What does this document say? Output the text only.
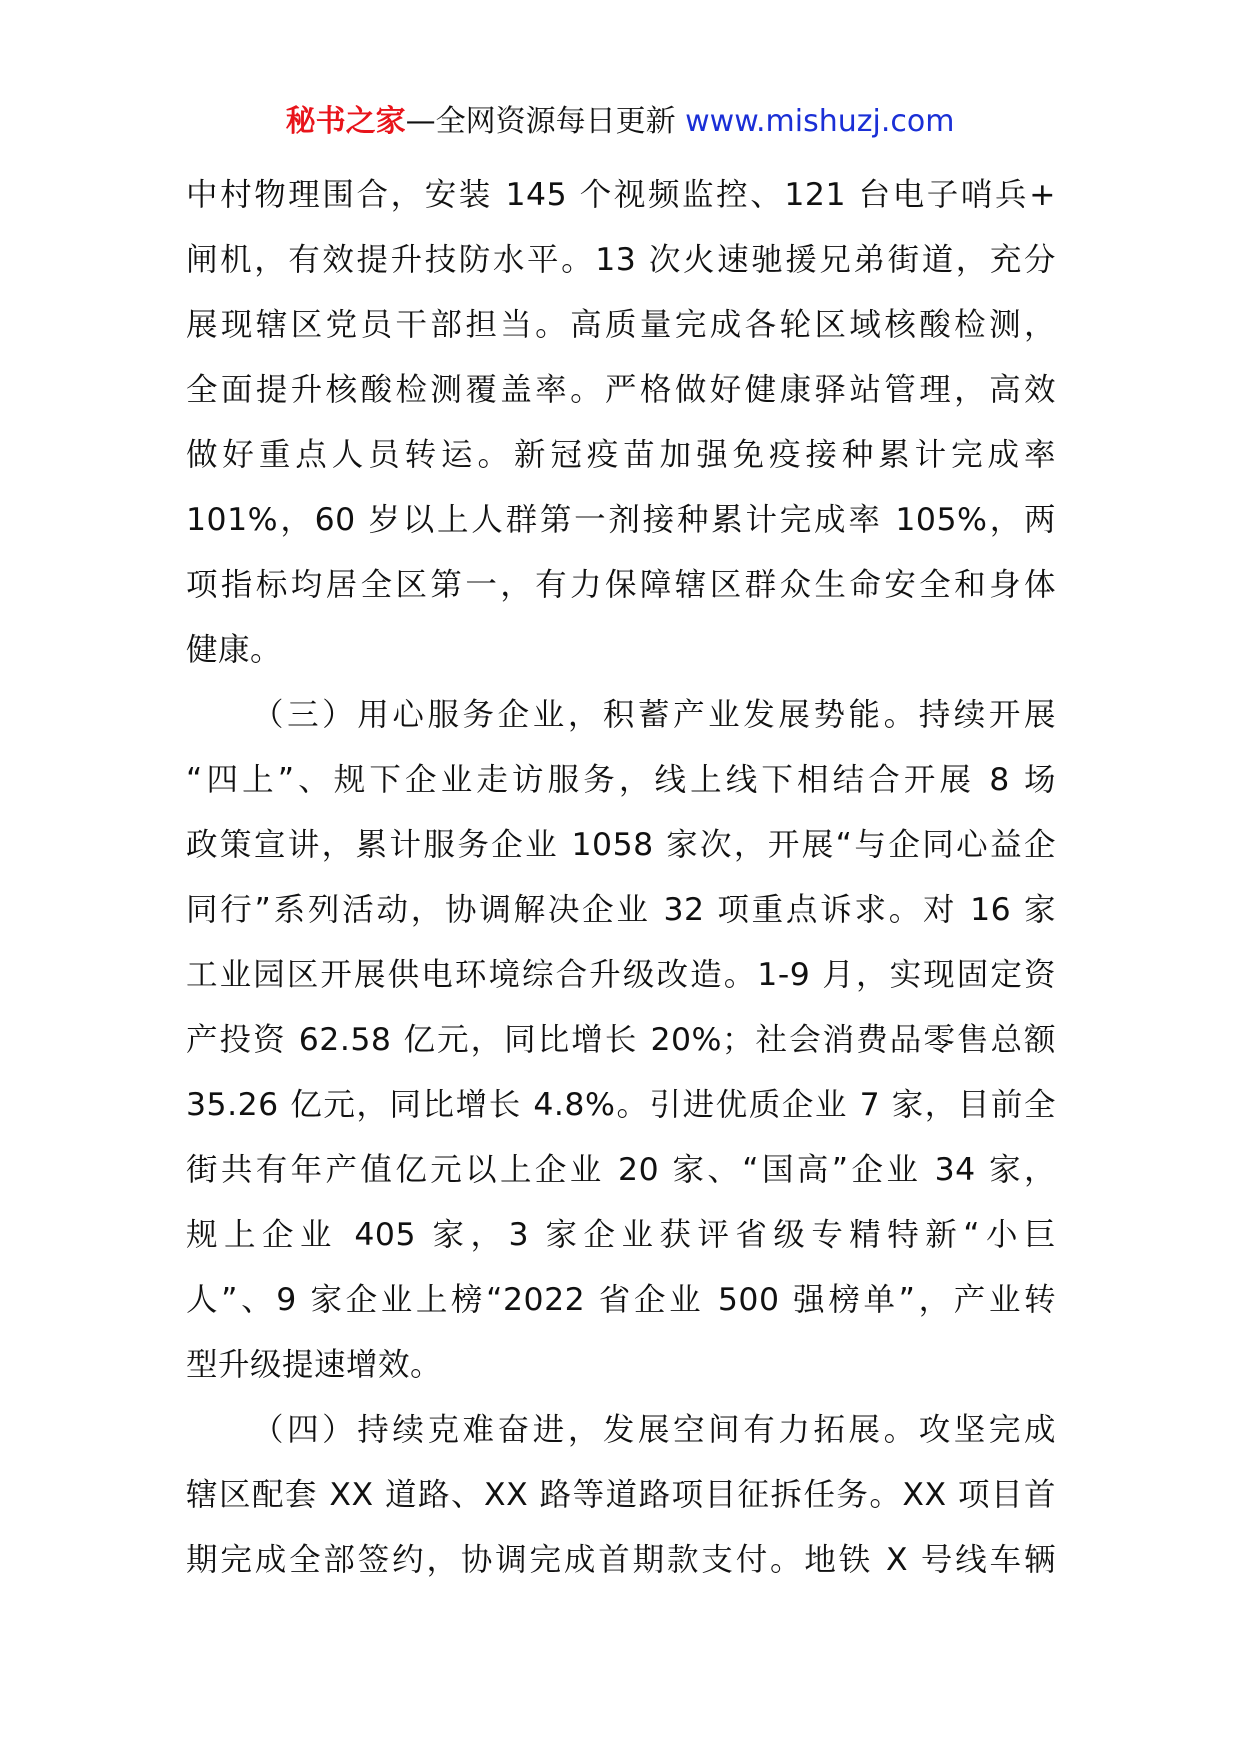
秘书之家—全网资源每日更新 www.mishuzj.com
中村物理围合，安装 145 个视频监控、121 台电子哨兵+
闸机，有效提升技防水平。13 次火速驰援兄弟街道，充分
展现辖区党员干部担当。高质量完成各轮区域核酸检测，
全面提升核酸检测覆盖率。严格做好健康驿站管理，高效
做好重点人员转运。新冠疫苗加强免疫接种累计完成率
101%，60 岁以上人群第一剂接种累计完成率 105%，两
项指标均居全区第一，有力保障辖区群众生命安全和身体
健康。
（三）用心服务企业，积蓄产业发展势能。持续开展
“四上”、规下企业走访服务，线上线下相结合开展 8 场
政策宣讲，累计服务企业 1058 家次，开展“与企同心益企
同行”系列活动，协调解决企业 32 项重点诉求。对 16 家
工业园区开展供电环境综合升级改造。1-9 月，实现固定资
产投资 62.58 亿元，同比增长 20%；社会消费品零售总额
35.26 亿元，同比增长 4.8%。引进优质企业 7 家，目前全
街共有年产值亿元以上企业 20 家、“国高”企业 34 家，
规上企业 405 家，3 家企业获评省级专精特新“小巨
人”、9 家企业上榜“2022 省企业 500 强榜单”，产业转
型升级提速增效。
（四）持续克难奋进，发展空间有力拓展。攻坚完成
辖区配套 XX 道路、XX 路等道路项目征拆任务。XX 项目首
期完成全部签约，协调完成首期款支付。地铁 X 号线车辆
